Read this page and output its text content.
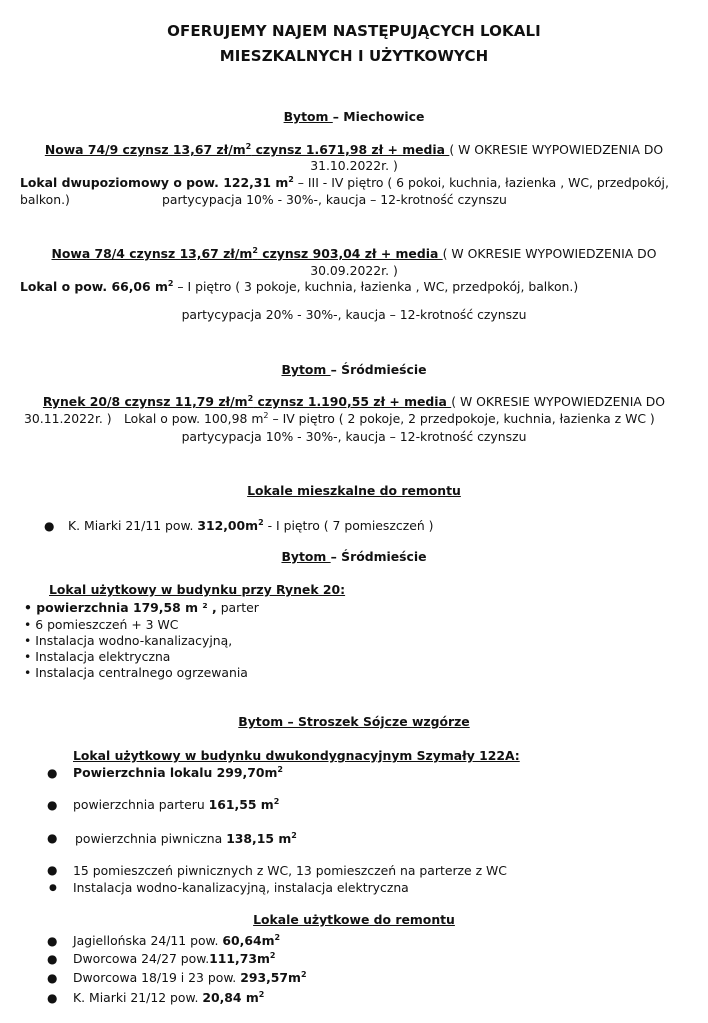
OFERUJEMY NAJEM NASTĘPUJĄCYCH LOKALI
MIESZKALNYCH I UŻYTKOWYCH
Bytom – Miechowice
Nowa 74/9 czynsz 13,67 $zł/m^2$ czynsz 1.671,98 zł + media ( W OKRESIE WYPOWIEDZENIA DO
31.10.2022r. )
Lokal dwupoziomowy o pow. 122,31 $m^2$ – III - IV piętro ( 6 pokoi, kuchnia, łazienka , WC, przedpokój,
balkon.)	partycypacja 10% - 30%-, kaucja – 12-krotność czynszu
Nowa 78/4 czynsz 13,67 $zł/m^2$ czynsz 903,04 zł + media ( W OKRESIE WYPOWIEDZENIA DO
30.09.2022r. )
Lokal o pow. 66,06 $m^2$ – I piętro ( 3 pokoje, kuchnia, łazienka , WC, przedpokój, balkon.)
partycypacja 20% - 30%-, kaucja – 12-krotność czynszu
Bytom – Śródmieście
Rynek 20/8 czynsz 11,79 $zł/m^2$ czynsz 1.190,55 zł + media ( W OKRESIE WYPOWIEDZENIA DO
30.11.2022r. ) Lokal o pow. 100,98 $m^2$ – IV piętro ( 2 pokoje, 2 przedpokoje, kuchnia, łazienka z WC )
partycypacja 10% - 30%-, kaucja – 12-krotność czynszu
Lokale mieszkalne do remontu
● K. Miarki 21/11 pow. $312,00m^2$ - I piętro ( 7 pomieszczeń )
Bytom – Śródmieście
Lokal użytkowy w budynku przy Rynek 20:
• powierzchnia 179,58 m ² , parter
• 6 pomieszczeń + 3 WC
• Instalacja wodno-kanalizacyjną,
• Instalacja elektryczna
• Instalacja centralnego ogrzewania
Bytom – Stroszek Sójcze wzgórze
Lokal użytkowy w budynku dwukondygnacyjnym Szymały 122A:
● Powierzchnia lokalu $299,70m^2$
● powierzchnia parteru 161,55 $m^2$
● powierzchnia piwniczna 138,15 $m^2$
● 15 pomieszczeń piwnicznych z WC, 13 pomieszczeń na parterze z WC
● Instalacja wodno-kanalizacyjną, instalacja elektryczna
Lokale użytkowe do remontu
● Jagiellońska 24/11 pow. $60,64m^2$
● Dworcowa 24/27 $pow.111,73m^2$
● Dworcowa 18/19 i 23 pow. $293,57m^2$
● K. Miarki 21/12 pow. 20,84 $m^2$
